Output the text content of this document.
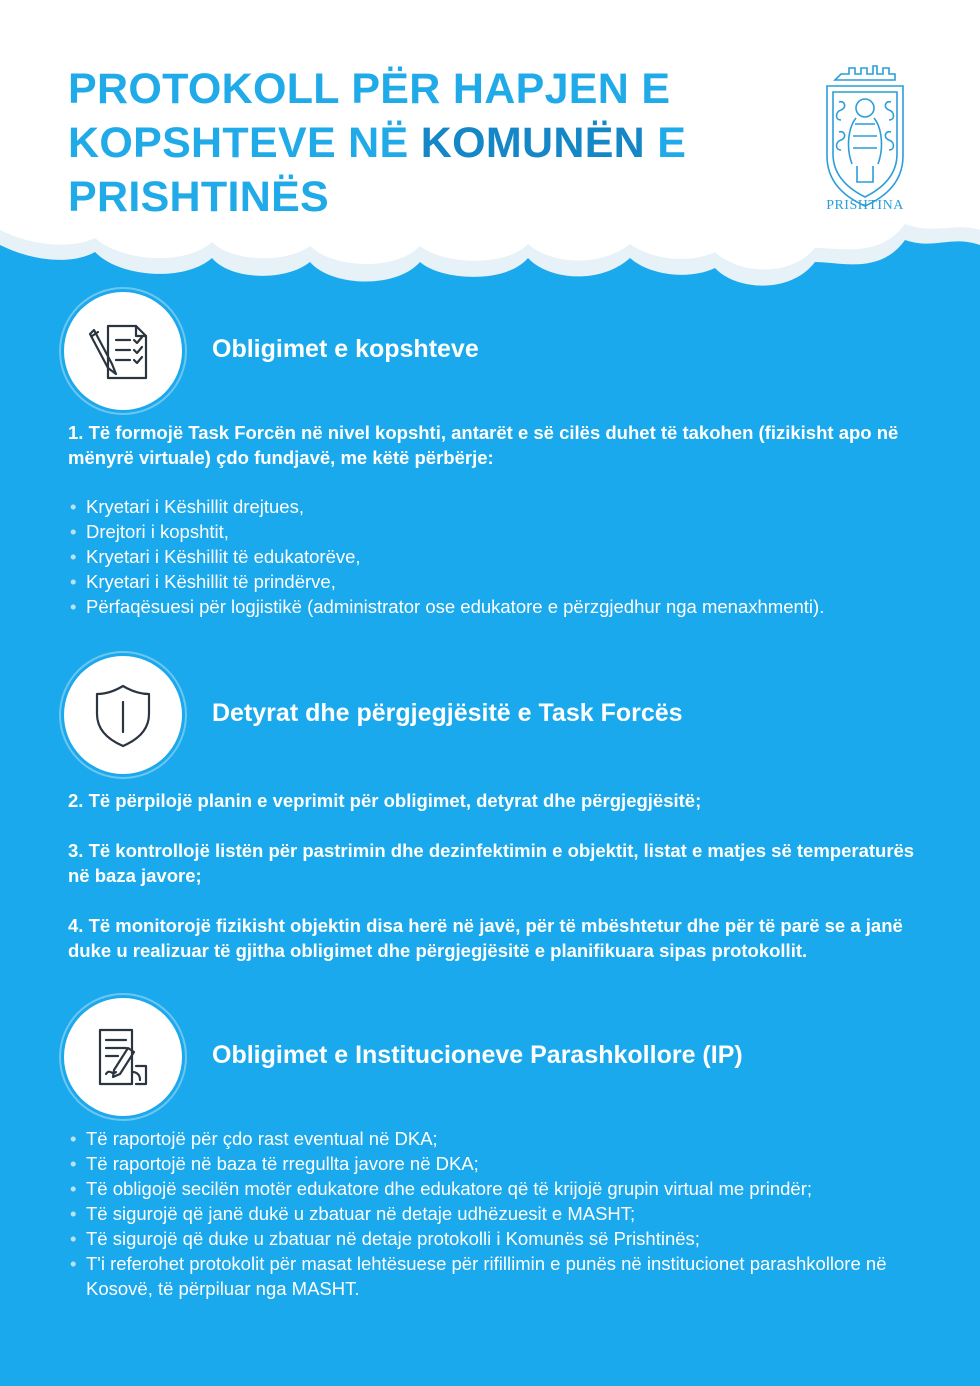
PROTOKOLL PËR HAPJEN E KOPSHTEVE NË KOMUNËN E PRISHTINËS	PRISHTINA
Obligimet e kopshteve

1. Të formojë Task Forcën në nivel kopshti, antarët e së cilës duhet të takohen (fizikisht apo në mënyrë virtuale) çdo fundjavë, me këtë përbërje:

• Kryetari i Këshillit drejtues,
• Drejtori i kopshtit,
• Kryetari i Këshillit të edukatorëve,
• Kryetari i Këshillit të prindërve,
• Përfaqësuesi për logjistikë (administrator ose edukatore e përzgjedhur nga menaxhmenti).
Detyrat dhe përgjegjësitë e Task Forcës

2. Të përpilojë planin e veprimit për obligimet, detyrat dhe përgjegjësitë;

3. Të kontrollojë listën për pastrimin dhe dezinfektimin e objektit, listat e matjes së temperaturës në baza javore;

4. Të monitorojë fizikisht objektin disa herë në javë, për të mbështetur dhe për të parë se a janë duke u realizuar të gjitha obligimet dhe përgjegjësitë e planifikuara sipas protokollit.

Obligimet e Institucioneve Parashkollore (IP)
• Të raportojë për çdo rast eventual në DKA;
• Të raportojë në baza të rregullta javore në DKA;
• Të obligojë secilën motër edukatore dhe edukatore që të krijojë grupin virtual me prindër;
• Të sigurojë që janë dukë u zbatuar në detaje udhëzuesit e MASHT;
• Të sigurojë që duke u zbatuar në detaje protokolli i Komunës së Prishtinës;
• T'i referohet protokolit për masat lehtësuese për rifillimin e punës në institucionet parashkollore në Kosovë, të përpiluar nga MASHT.
